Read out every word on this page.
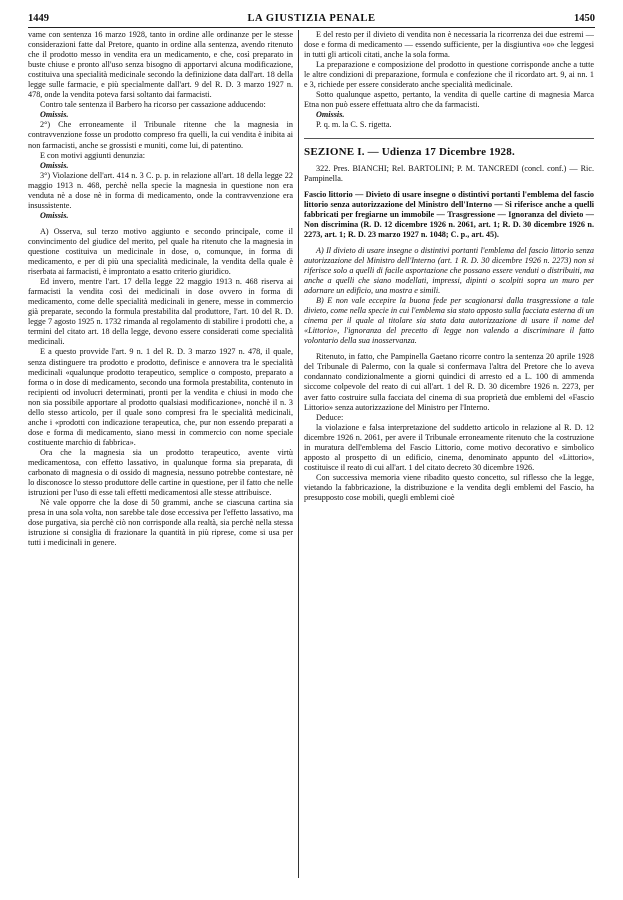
1449	LA GIUSTIZIA PENALE	1450

vame con sentenza 16 marzo 1928, tanto in ordine alle ordinanze per le stesse considerazioni fatte dal Pretore, quanto in ordine alla sentenza, avendo ritenuto che il prodotto messo in vendita era un medicamento, e che, così preparato in buste chiuse e pronto all'uso senza bisogno di apportarvi alcuna modificazione, costituiva una specialità medicinale secondo la definizione data dall'art. 18 della legge sulle farmacie, e più specialmente dall'art. 9 del R. D. 3 marzo 1927 n. 478, onde la vendita poteva farsi soltanto dai farmacisti.

Contro tale sentenza il Barbero ha ricorso per cassazione adducendo:

Omissis.

2°) Che erroneamente il Tribunale ritenne che la magnesia in contravvenzione fosse un prodotto compreso fra quelli, la cui vendita è inibita ai non farmacisti, anche se grossisti e muniti, come lui, di patentino.

E con motivi aggiunti denunzia:

Omissis.

3°) Violazione dell'art. 414 n. 3 C. p. p. in relazione all'art. 18 della legge 22 maggio 1913 n. 468, perchè nella specie la magnesia in questione non era venduta nè a dose nè in forma di medicamento, onde la contravvenzione era insussistente.

Omissis.

A) Osserva, sul terzo motivo aggiunto e secondo principale, come il convincimento del giudice del merito, pel quale ha ritenuto che la magnesia in questione costituiva un medicinale in dose, o, comunque, in forma di medicamento, e per di più una specialità medicinale, la vendita della quale è riserbata ai farmacisti, è improntato a esatto criterio giuridico.

Ed invero, mentre l'art. 17 della legge 22 maggio 1913 n. 468 riserva ai farmacisti la vendita così dei medicinali in dose ovvero in forma di medicamento, come delle specialità medicinali in genere, messe in commercio già preparate, secondo la formula prestabilita dal produttore, l'art. 10 del R. D. legge 7 agosto 1925 n. 1732 rimanda al regolamento di stabilire i prodotti che, a termini del citato art. 18 della legge, devono essere considerati come specialità medicinali.

E a questo provvide l'art. 9 n. 1 del R. D. 3 marzo 1927 n. 478, il quale, senza distinguere tra prodotto e prodotto, definisce e annovera tra le specialità medicinali «qualunque prodotto terapeutico, semplice o composto, preparato a forma o in dose di medicamento, secondo una formola prestabilita, contenuto in recipienti od involucri determinati, pronti per la vendita e chiusi in modo che non sia possibile apportare al prodotto qualsiasi modificazione», nonchè il n. 3 dello stesso articolo, per il quale sono compresi fra le specialità medicinali, anche i «prodotti con indicazione terapeutica, che, pur non essendo preparati a dose e forma di medicamento, siano messi in commercio con nome speciale costituente marchio di fabbrica».

Ora che la magnesia sia un prodotto terapeutico, avente virtù medicamentosa, con effetto lassativo, in qualunque forma sia preparata, di carbonato di magnesia o di ossido di magnesia, nessuno potrebbe contestare, nè lo disconosce lo stesso produttore delle cartine in questione, per il fatto che nelle istruzioni per l'uso di esse tali effetti medicamentosi alle stesse attribuisce.

Nè vale opporre che la dose di 50 grammi, anche se ciascuna cartina sia presa in una sola volta, non sarebbe tale dose eccessiva per l'effetto lassativo, ma dose purgativa, sia perchè ciò non corrisponde alla realtà, sia perchè nella stessa istruzione si consiglia di frazionare la quantità in più riprese, come si usa per tutti i medicinali in genere.

E del resto per il divieto di vendita non è necessaria la ricorrenza dei due estremi — dose e forma di medicamento — essendo sufficiente, per la disgiuntiva «o» che leggesi in tutti gli articoli citati, anche la sola forma.

La preparazione e composizione del prodotto in questione corrisponde anche a tutte le altre condizioni di preparazione, formula e confezione che il ricordato art. 9, ai nn. 1 e 3, richiede per essere considerato anche specialità medicinale.

Sotto qualunque aspetto, pertanto, la vendita di quelle cartine di magnesia Marca Etna non può essere effettuata altro che da farmacisti.

Omissis.

P. q. m. la C. S. rigetta.

SEZIONE I. — Udienza 17 Dicembre 1928.

322. Pres. BIANCHI; Rel. BARTOLINI; P. M. TANCREDI (concl. conf.) — Ric. Pampinella.

Fascio littorio — Divieto di usare insegne o distintivi portanti l'emblema del fascio littorio senza autorizzazione del Ministro dell'Interno — Si riferisce anche a quelli fabbricati per fregiarne un immobile — Trasgressione — Ignoranza del divieto — Non discrimina (R. D. 12 dicembre 1926 n. 2061, art. 1; R. D. 30 dicembre 1926 n. 2273, art. 1; R. D. 23 marzo 1927 n. 1048; C. p., art. 45).

A) Il divieto di usare insegne o distintivi portanti l'emblema del fascio littorio senza autorizzazione del Ministro dell'Interno (art. 1 R. D. 30 dicembre 1926 n. 2273) non si riferisce solo a quelli di facile asportazione che possano essere venduti o distribuiti, ma anche a quelli che siano modellati, impressi, dipinti o scolpiti sopra un muro per adornare un edificio, una mostra e simili.

B) E non vale eccepire la buona fede per scagionarsi dalla trasgressione a tale divieto, come nella specie in cui l'emblema sia stato apposto sulla facciata esterna di un cinema per il quale al titolare sia stata data autorizzazione di usare il nome del «Littorio», l'ignoranza del precetto di legge non valendo a discriminare il fatto volontario della sua inosservanza.

Ritenuto, in fatto, che Pampinella Gaetano ricorre contro la sentenza 20 aprile 1928 del Tribunale di Palermo, con la quale si confermava l'altra del Pretore che lo aveva condannato condizionalmente a giorni quindici di arresto ed a L. 100 di ammenda siccome colpevole del reato di cui all'art. 1 del R. D. 30 dicembre 1926 n. 2273, per aver fatto costruire sulla facciata del cinema di sua proprietà due emblemi del «Fascio Littorio» senza autorizzazione del Ministro per l'Interno.

Deduce:

la violazione e falsa interpretazione del suddetto articolo in relazione al R. D. 12 dicembre 1926 n. 2061, per avere il Tribunale erroneamente ritenuto che la costruzione in muratura dell'emblema del Fascio Littorio, come motivo decorativo e simbolico apposto al prospetto di un edificio, cinema, denominato appunto del «Littorio», costituisce il reato di cui all'art. 1 del citato decreto 30 dicembre 1926.

Con successiva memoria viene ribadito questo concetto, sul riflesso che la legge, vietando la fabbricazione, la distribuzione e la vendita degli emblemi del Fascio, ha presupposto cose mobili, quegli emblemi cioè
